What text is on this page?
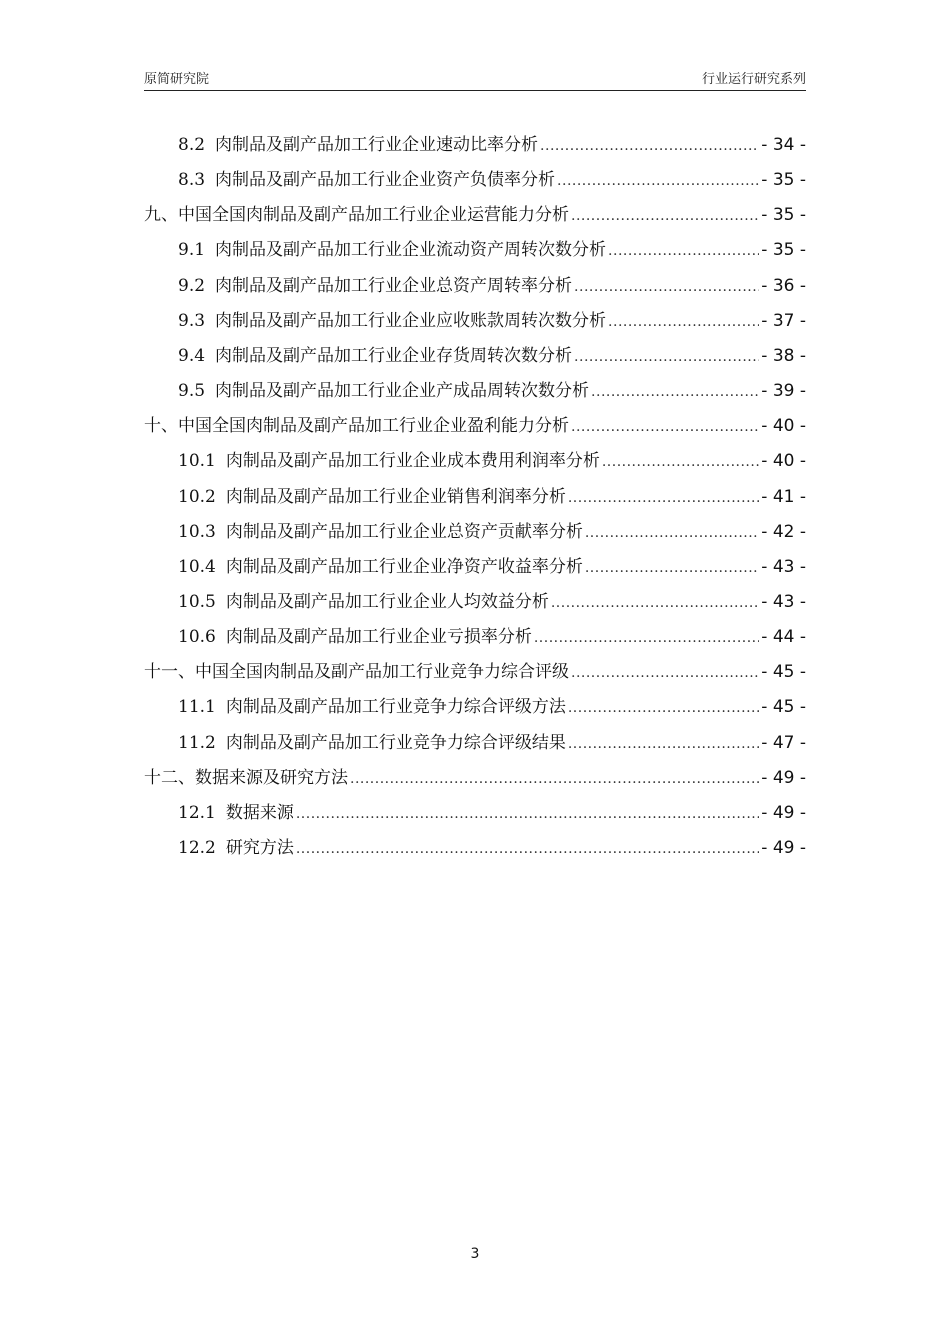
原简研究院	行业运行研究系列
8.2 肉制品及副产品加工行业企业速动比率分析 .....	- 34 -
8.3 肉制品及副产品加工行业企业资产负债率分析 .....	- 35 -
九、中国全国肉制品及副产品加工行业企业运营能力分析 .....	- 35 -
9.1 肉制品及副产品加工行业企业流动资产周转次数分析 .....	- 35 -
9.2 肉制品及副产品加工行业企业总资产周转率分析 .....	- 36 -
9.3 肉制品及副产品加工行业企业应收账款周转次数分析 .....	- 37 -
9.4 肉制品及副产品加工行业企业存货周转次数分析 .....	- 38 -
9.5 肉制品及副产品加工行业企业产成品周转次数分析 .....	- 39 -
十、中国全国肉制品及副产品加工行业企业盈利能力分析 .....	- 40 -
10.1 肉制品及副产品加工行业企业成本费用利润率分析 .....	- 40 -
10.2 肉制品及副产品加工行业企业销售利润率分析 .....	- 41 -
10.3 肉制品及副产品加工行业企业总资产贡献率分析 .....	- 42 -
10.4 肉制品及副产品加工行业企业净资产收益率分析 .....	- 43 -
10.5 肉制品及副产品加工行业企业人均效益分析 .....	- 43 -
10.6 肉制品及副产品加工行业企业亏损率分析 .....	- 44 -
十一、中国全国肉制品及副产品加工行业竞争力综合评级 .....	- 45 -
11.1 肉制品及副产品加工行业竞争力综合评级方法 .....	- 45 -
11.2 肉制品及副产品加工行业竞争力综合评级结果 .....	- 47 -
十二、数据来源及研究方法 .....	- 49 -
12.1 数据来源 .....	- 49 -
12.2 研究方法 .....	- 49 -
3
